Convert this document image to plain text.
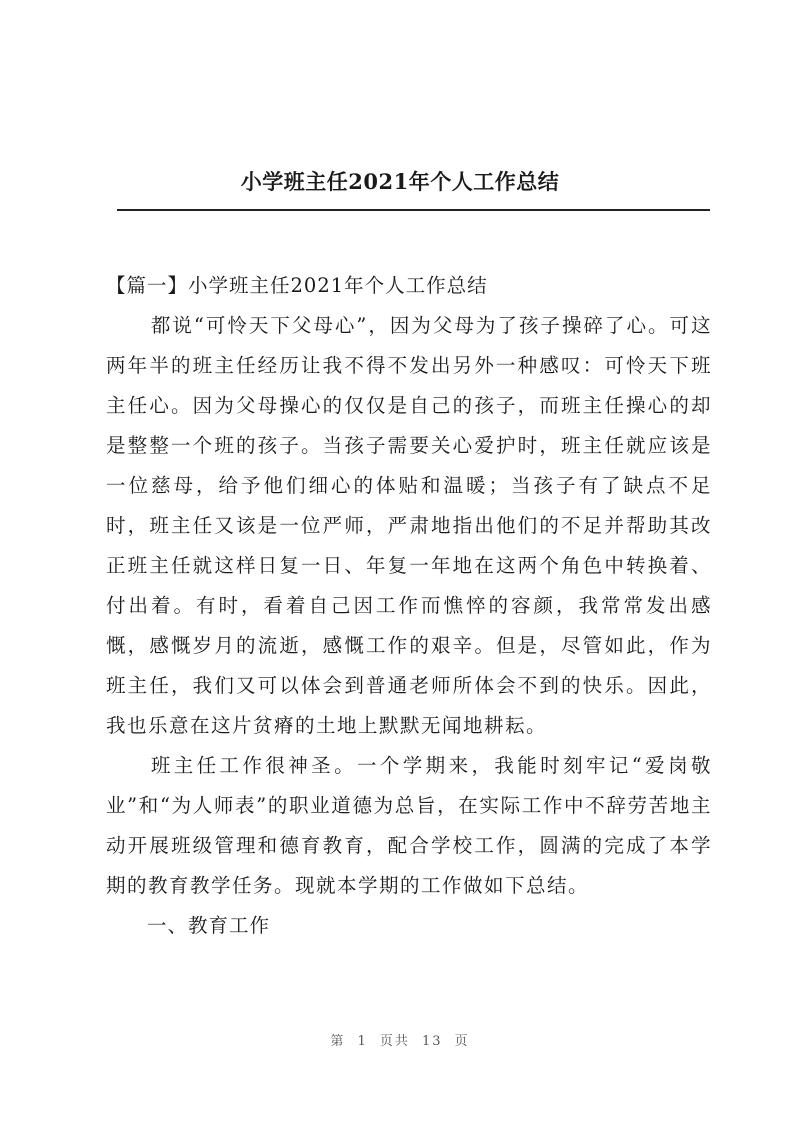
小学班主任2021年个人工作总结
【篇一】小学班主任2021年个人工作总结

都说“可怜天下父母心”，因为父母为了孩子操碎了心。可这两年半的班主任经历让我不得不发出另外一种感叹：可怜天下班主任心。因为父母操心的仅仅是自己的孩子，而班主任操心的却是整整一个班的孩子。当孩子需要关心爱护时，班主任就应该是一位慈母，给予他们细心的体贴和温暖；当孩子有了缺点不足时，班主任又该是一位严师，严肃地指出他们的不足并帮助其改正班主任就这样日复一日、年复一年地在这两个角色中转换着、付出着。有时，看着自己因工作而憔悴的容颜，我常常发出感慨，感慨岁月的流逝，感慨工作的艰辛。但是，尽管如此，作为班主任，我们又可以体会到普通老师所体会不到的快乐。因此，我也乐意在这片贫瘠的土地上默默无闻地耕耘。

班主任工作很神圣。一个学期来，我能时刻牢记“爱岗敬业”和“为人师表”的职业道德为总旨，在实际工作中不辞劳苦地主动开展班级管理和德育教育，配合学校工作，圆满的完成了本学期的教育教学任务。现就本学期的工作做如下总结。

一、教育工作
第 1 页共 13 页
